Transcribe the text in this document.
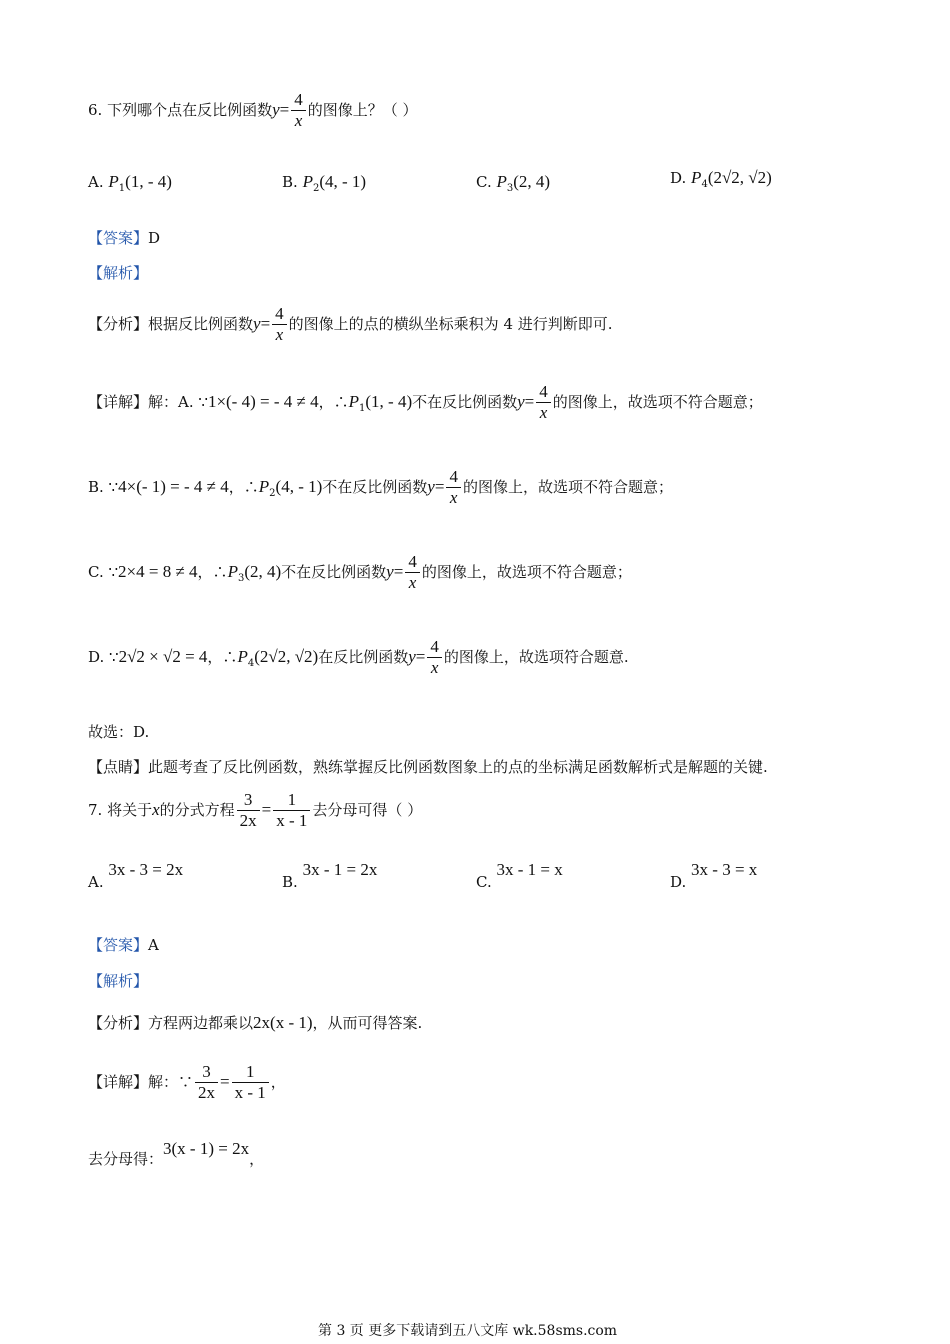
6. 下列哪个点在反比例函数$y= \frac{4}{x}$ 的图像上？（ ）
A. $P_1(1$, - 4)	B. $P_2(4$, - 1)	C. $P_3(2$, 4)	D. $P_4(2√2$, √2)
【答案】D
【解析】
【分析】根据反比例函数$y= \frac{4}{x}$ 的图像上的点的横纵坐标乘积为 4 进行判断即可.
【详解】解：A. ∵1×(- 4) = - 4 ≠ 4，$\therefore P_1(1$, - 4)不在反比例函数$y= \frac{4}{x}$ 的图像上，故选项不符合题意；
B. ∵4×(- 1) = - 4 ≠ 4，$\therefore P_2(4$, - 1)不在反比例函数$y= \frac{4}{x}$ 的图像上，故选项不符合题意；
C. ∵2×4 = 8 ≠ 4，$\therefore P_3(2$, 4)不在反比例函数$y= \frac{4}{x}$ 的图像上，故选项不符合题意；
D. ∵2√2 × √2 = 4，$\therefore P_4(2√2$, √2)在反比例函数$y= \frac{4}{x}$ 的图像上，故选项符合题意.
故选：D.
【点睛】此题考查了反比例函数，熟练掌握反比例函数图象上的点的坐标满足函数解析式是解题的关键.
7. 将关于x的分式方程 $\frac{3}{2x} = \frac{1}{x - 1}$ 去分母可得（ ）
A. 3x - 3 = 2x
B. 3x - 1 = 2x
C. 3x - 1 = x
D. 3x - 3 = x
【答案】A
【解析】
【分析】方程两边都乘以2x(x - 1)，从而可得答案.
【详解】解：∵ $\frac{3}{2x} = \frac{1}{x - 1}$ ，
去分母得：3(x - 1) = 2x，
第 3 页 更多下载请到五八文库 wk.58sms.com
